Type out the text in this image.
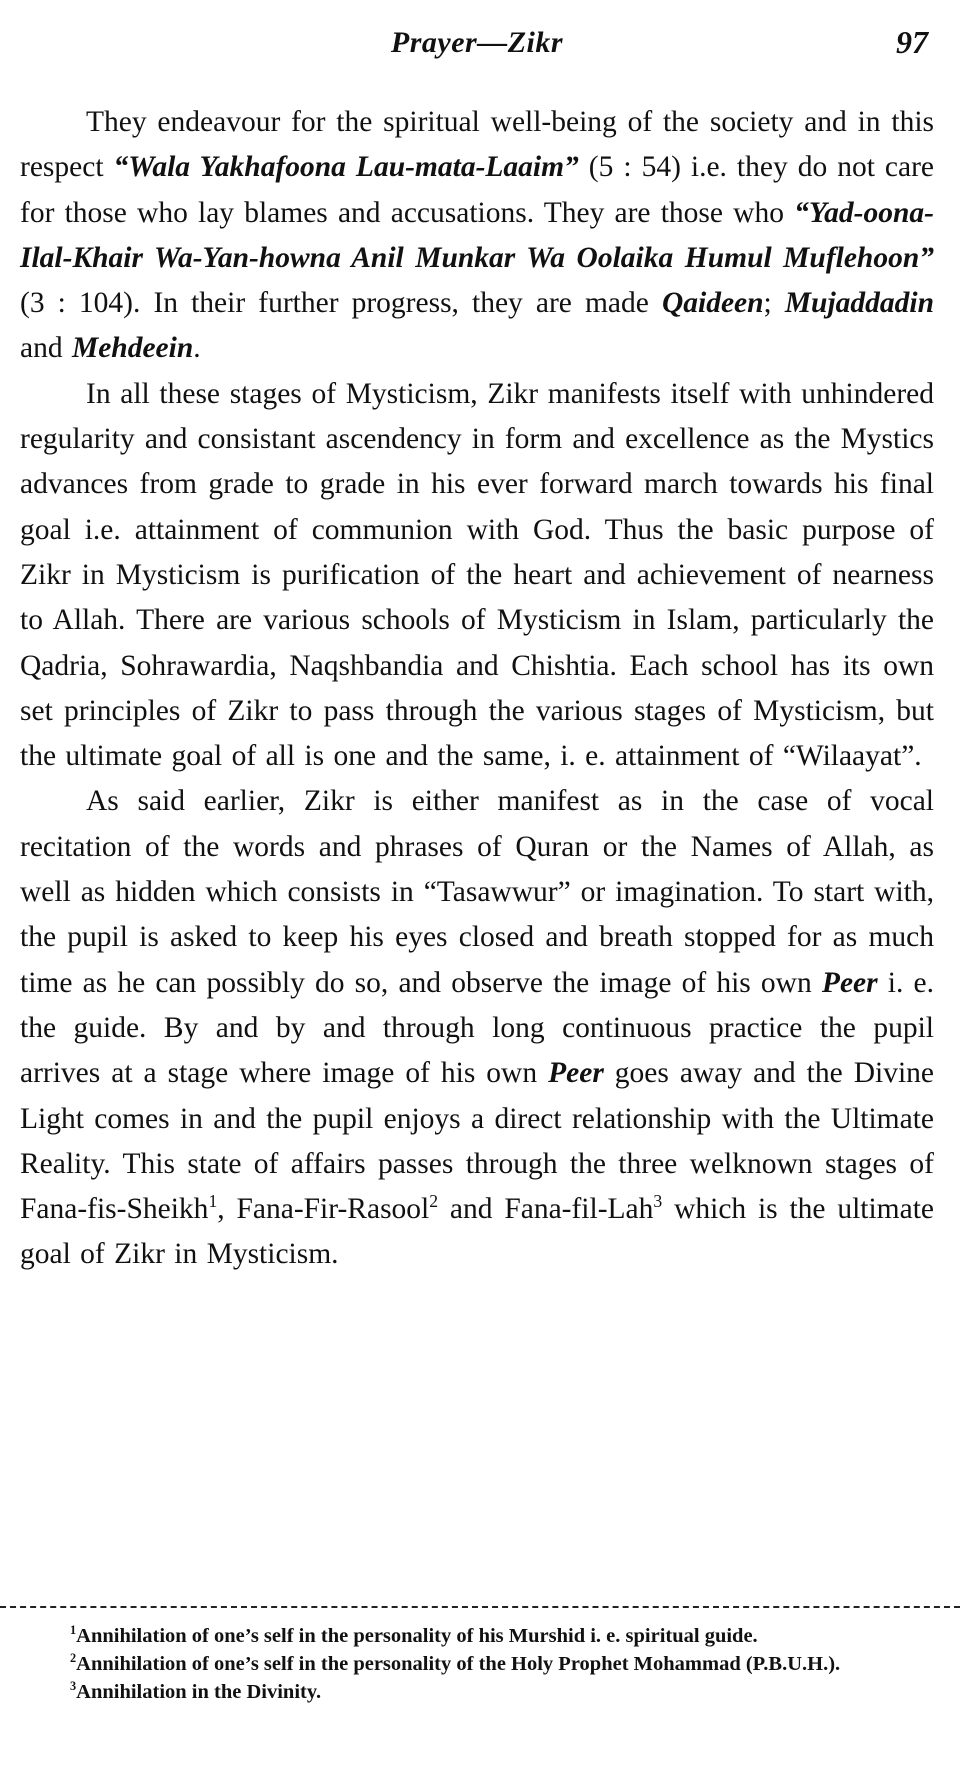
Prayer—Zikr	97

They endeavour for the spiritual well-being of the society and in this respect “Wala Yakhafoona Lau-mata-Laaim” (5 : 54) i.e. they do not care for those who lay blames and accusations. They are those who “Yad-oona-Ilal-Khair Wa-Yan-howna Anil Munkar Wa Oolaika Humul Muflehoon” (3 : 104). In their further progress, they are made Qaideen; Mujaddadin and Mehdeein.

In all these stages of Mysticism, Zikr manifests itself with unhindered regularity and consistant ascendency in form and excellence as the Mystics advances from grade to grade in his ever forward march towards his final goal i.e. attainment of communion with God. Thus the basic purpose of Zikr in Mysticism is purification of the heart and achievement of nearness to Allah. There are various schools of Mysticism in Islam, particularly the Qadria, Sohrawardia, Naqshbandia and Chishtia. Each school has its own set principles of Zikr to pass through the various stages of Mysticism, but the ultimate goal of all is one and the same, i. e. attainment of “Wilaayat”.

As said earlier, Zikr is either manifest as in the case of vocal recitation of the words and phrases of Quran or the Names of Allah, as well as hidden which consists in “Tasawwur” or imagination. To start with, the pupil is asked to keep his eyes closed and breath stopped for as much time as he can possibly do so, and observe the image of his own Peer i. e. the guide. By and by and through long continuous practice the pupil arrives at a stage where image of his own Peer goes away and the Divine Light comes in and the pupil enjoys a direct relationship with the Ultimate Reality. This state of affairs passes through the three welknown stages of Fana-fis-Sheikh$^1$, Fana-Fir-Rasool$^2$ and Fana-fil-Lah$^3$ which is the ultimate goal of Zikr in Mysticism.

$^1$Annihilation of one’s self in the personality of his Murshid i. e. spiritual guide.

$^2$Annihilation of one’s self in the personality of the Holy Prophet Mohammad (P.B.U.H.).

$^3$Annihilation in the Divinity.
